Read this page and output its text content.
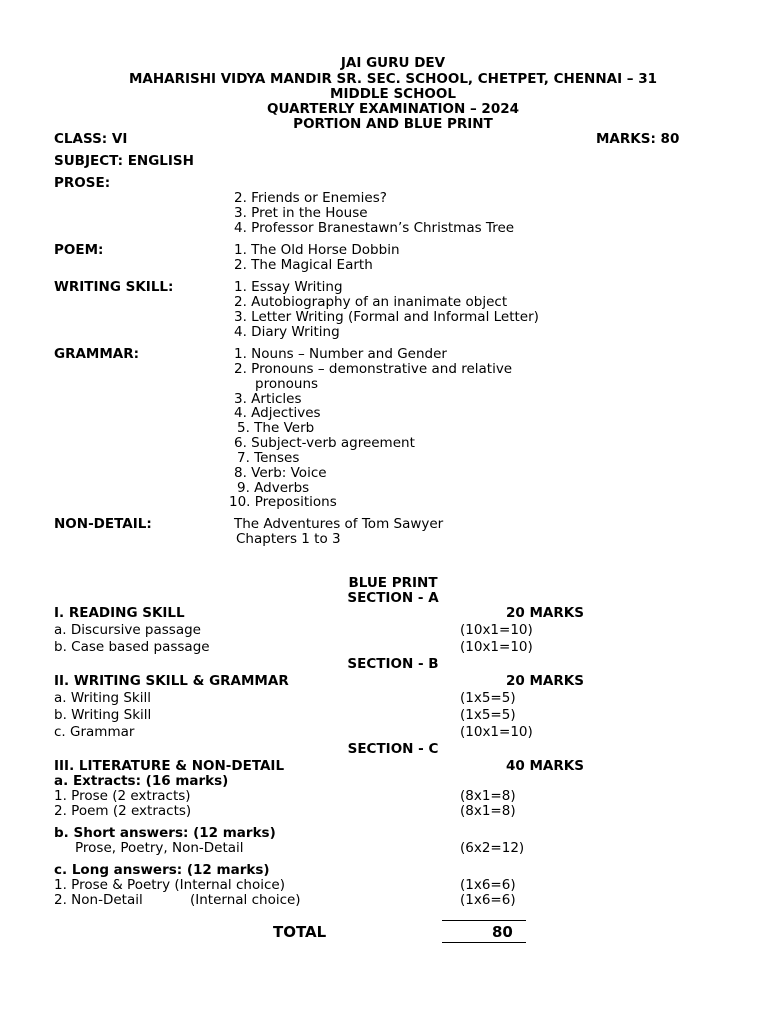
JAI GURU DEV
MAHARISHI VIDYA MANDIR SR. SEC. SCHOOL, CHETPET, CHENNAI – 31
MIDDLE SCHOOL
QUARTERLY EXAMINATION – 2024
PORTION AND BLUE PRINT
CLASS: VI	MARKS: 80
SUBJECT: ENGLISH
PROSE:
2. Friends or Enemies?
3. Pret in the House
4. Professor Branestawn’s Christmas Tree
POEM:	1. The Old Horse Dobbin
2. The Magical Earth
WRITING SKILL:	1. Essay Writing
2. Autobiography of an inanimate object
3. Letter Writing (Formal and Informal Letter)
4. Diary Writing
GRAMMAR:	1. Nouns – Number and Gender
2. Pronouns – demonstrative and relative
pronouns
3. Articles
4. Adjectives
5. The Verb
6. Subject-verb agreement
7. Tenses
8. Verb: Voice
9. Adverbs
10. Prepositions
NON-DETAIL:	The Adventures of Tom Sawyer
Chapters 1 to 3
BLUE PRINT
SECTION - A
I. READING SKILL	20 MARKS
a. Discursive passage	(10x1=10)
b. Case based passage	(10x1=10)
SECTION - B
II. WRITING SKILL & GRAMMAR	20 MARKS
a. Writing Skill	(1x5=5)
b. Writing Skill	(1x5=5)
c. Grammar	(10x1=10)
SECTION - C
III. LITERATURE & NON-DETAIL	40 MARKS
a. Extracts: (16 marks)
1. Prose (2 extracts)	(8x1=8)
2. Poem (2 extracts)	(8x1=8)
b. Short answers: (12 marks)
Prose, Poetry, Non-Detail	(6x2=12)
c. Long answers: (12 marks)
1. Prose & Poetry (Internal choice)	(1x6=6)
2. Non-Detail	(Internal choice)	(1x6=6)
TOTAL	80
